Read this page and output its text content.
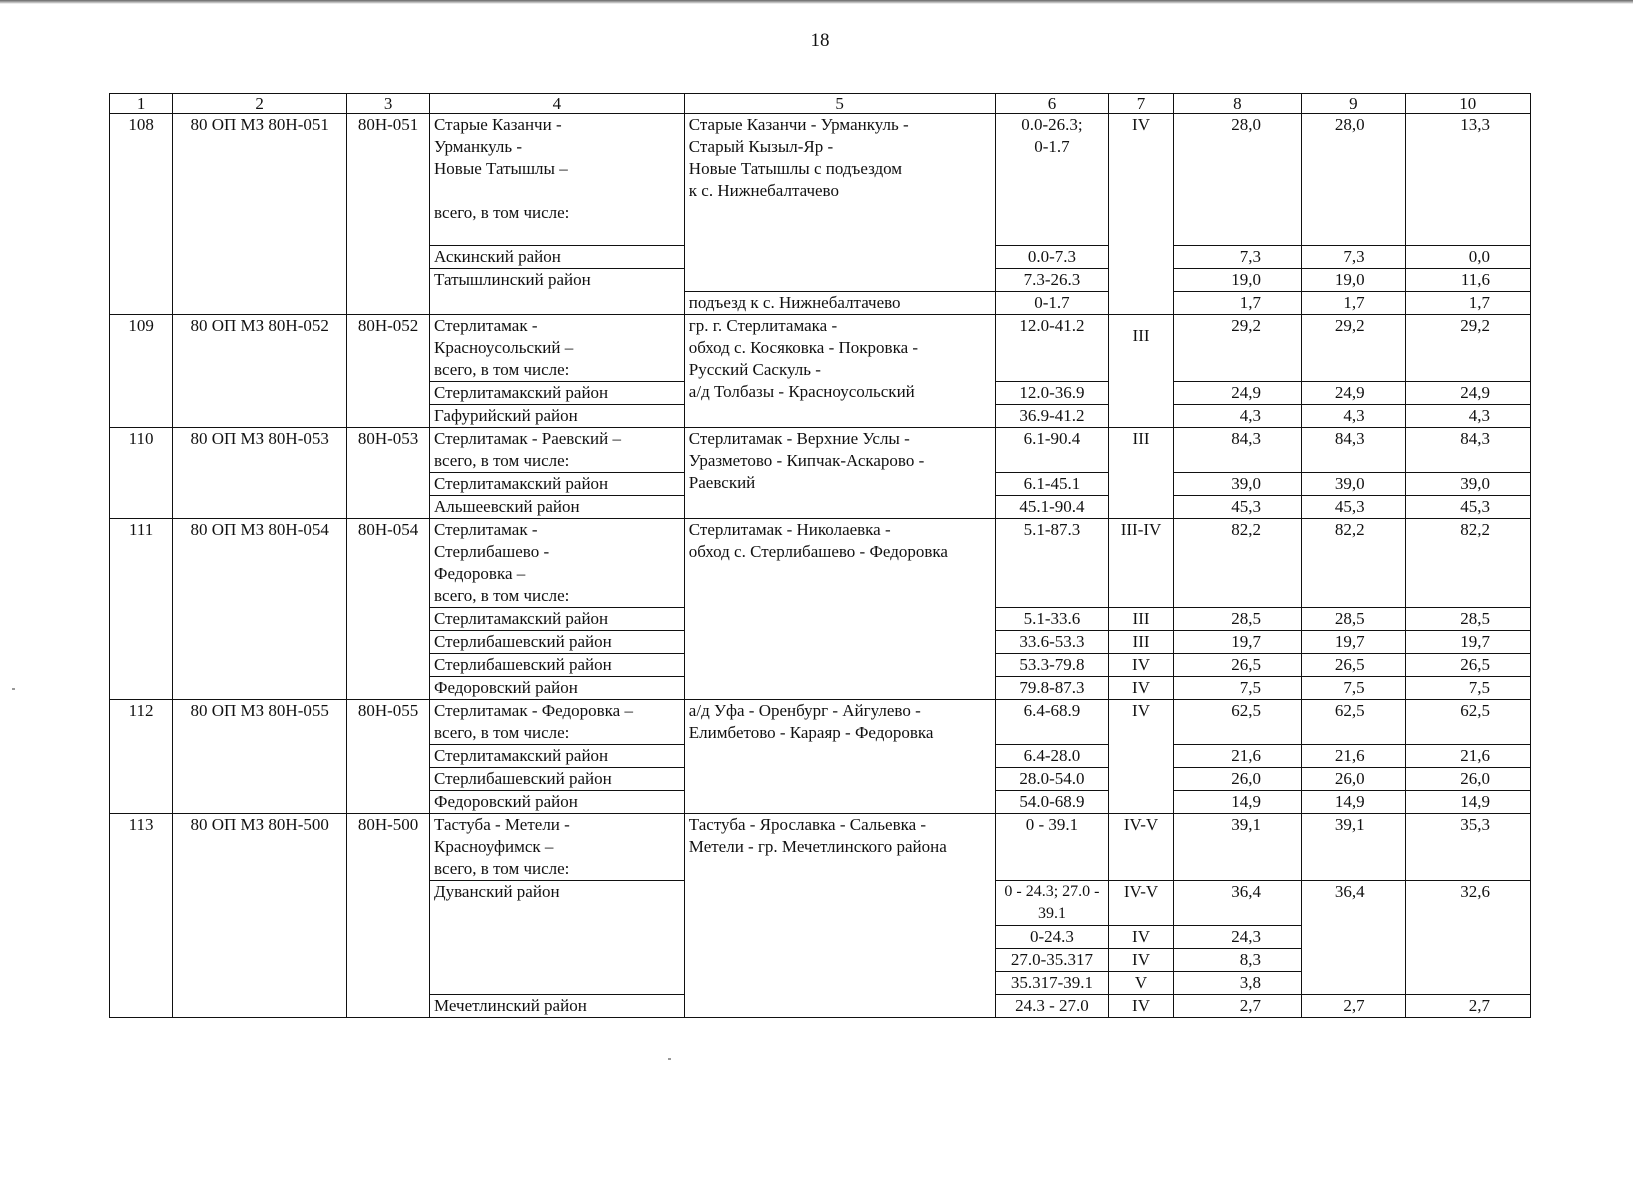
18
1	2	3	4	5	6	7	8	9	10
108	80 ОП МЗ 80Н-051	80Н-051	Старые Казанчи -
Урманкуль -
Новые Татышлы –

всего, в том числе:	Старые Казанчи - Урманкуль -
Старый Кызыл-Яр -
Новые Татышлы с подъездом
к с. Нижнебалтачево	0.0-26.3;
0-1.7	IV	28,0	28,0	13,3
			Аскинский район		0.0-7.3		7,3	7,3	0,0
			Татышлинский район		7.3-26.3		19,0	19,0	11,6
				подъезд к с. Нижнебалтачево	0-1.7		1,7	1,7	1,7
109	80 ОП МЗ 80Н-052	80Н-052	Стерлитамак -
Красноусольский –
всего, в том числе:	гр. г. Стерлитамака -
обход с. Косяковка - Покровка -
Русский Саскуль -
а/д Толбазы - Красноусольский	12.0-41.2	III	29,2	29,2	29,2
			Стерлитамакский район		12.0-36.9		24,9	24,9	24,9
			Гафурийский район		36.9-41.2		4,3	4,3	4,3
110	80 ОП МЗ 80Н-053	80Н-053	Стерлитамак - Раевский –
всего, в том числе:	Стерлитамак - Верхние Услы -
Уразметово - Кипчак-Аскарово -
Раевский	6.1-90.4	III	84,3	84,3	84,3
			Стерлитамакский район		6.1-45.1		39,0	39,0	39,0
			Альшеевский район		45.1-90.4		45,3	45,3	45,3
111	80 ОП МЗ 80Н-054	80Н-054	Стерлитамак -
Стерлибашево -
Федоровка –
всего, в том числе:	Стерлитамак - Николаевка -
обход с. Стерлибашево - Федоровка	5.1-87.3	III-IV	82,2	82,2	82,2
			Стерлитамакский район		5.1-33.6	III	28,5	28,5	28,5
			Стерлибашевский район		33.6-53.3	III	19,7	19,7	19,7
			Стерлибашевский район		53.3-79.8	IV	26,5	26,5	26,5
			Федоровский район		79.8-87.3	IV	7,5	7,5	7,5
112	80 ОП МЗ 80Н-055	80Н-055	Стерлитамак - Федоровка –
всего, в том числе:	а/д Уфа - Оренбург - Айгулево -
Елимбетово - Караяр - Федоровка	6.4-68.9	IV	62,5	62,5	62,5
			Стерлитамакский район		6.4-28.0		21,6	21,6	21,6
			Стерлибашевский район		28.0-54.0		26,0	26,0	26,0
			Федоровский район		54.0-68.9		14,9	14,9	14,9
113	80 ОП МЗ 80Н-500	80Н-500	Тастуба - Метели -
Красноуфимск –
всего, в том числе:	Тастуба - Ярославка - Сальевка -
Метели - гр. Мечетлинского района	0 - 39.1	IV-V	39,1	39,1	35,3
			Дуванский район		0 - 24.3; 27.0 -
39.1	IV-V	36,4	36,4	32,6
					0-24.3	IV	24,3		
					27.0-35.317	IV	8,3		
					35.317-39.1	V	3,8		
			Мечетлинский район		24.3 - 27.0	IV	2,7	2,7	2,7
